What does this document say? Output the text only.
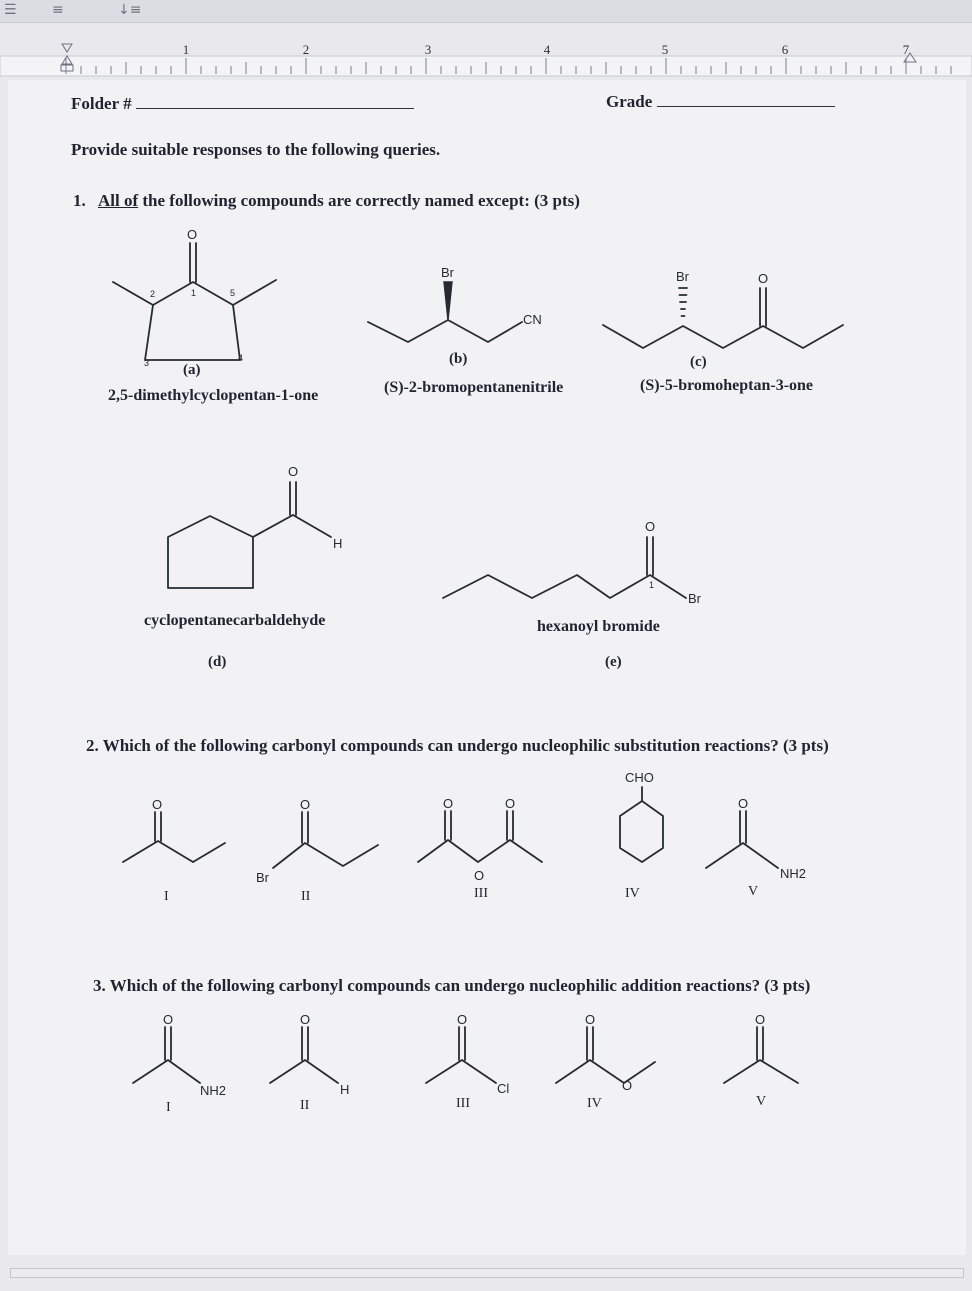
☰	≡	↓≡
1	2	3	4	5	6	7
Folder #	Grade
Provide suitable responses to the following queries.
1. All of the following compounds are correctly named except: (3 pts)
O
1
2
3	4
5
(a)
2,5-dimethylcyclopentan-1-one
Br
CN
(b)
(S)-2-bromopentanenitrile
Br	O
(c)
(S)-5-bromoheptan-3-one
O
H
cyclopentanecarbaldehyde
(d)
O
Br
1
hexanoyl bromide
(e)
2. Which of the following carbonyl compounds can undergo nucleophilic substitution reactions? (3 pts)
O	O
Br
O
O
O
CHO
O
NH2
I	II	III	IV	V
3. Which of the following carbonyl compounds can undergo nucleophilic addition reactions? (3 pts)
O
NH2
O
H
O
Cl
O
O
O
I	II	III	IV	V
